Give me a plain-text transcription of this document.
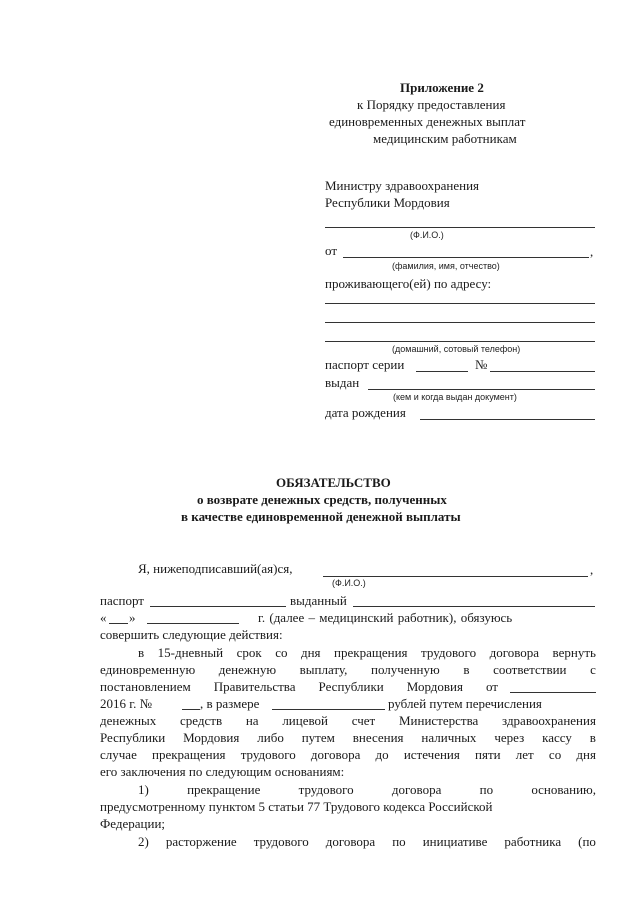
Приложение 2
к Порядку предоставления
единовременных денежных выплат
медицинским работникам
Министру здравоохранения
Республики Мордовия
(Ф.И.О.)
от	,
(фамилия, имя, отчество)
проживающего(ей) по адресу:
(домашний, сотовый телефон)
паспорт серии	№
выдан
(кем и когда выдан документ)
дата рождения
ОБЯЗАТЕЛЬСТВО
о возврате денежных средств, полученных
в качестве единовременной денежной выплаты
Я, нижеподписавший(ая)ся,	,
(Ф.И.О.)
паспорт	выданный
« »	г. (далее – медицинский работник), обязуюсь
совершить следующие действия:
в 15-дневный срок со дня прекращения трудового договора вернуть
единовременную денежную выплату, полученную в соответствии с
постановлением Правительства Республики Мордовия от
2016 г. №	, в размере	рублей путем перечисления
денежных средств на лицевой счет Министерства здравоохранения
Республики Мордовия либо путем внесения наличных через кассу в
случае прекращения трудового договора до истечения пяти лет со дня
его заключения по следующим основаниям:
1)	прекращение	трудового	договора	по	основанию,
предусмотренному пунктом 5 статьи 77 Трудового кодекса Российской
Федерации;
2) расторжение трудового договора по инициативе работника (по
